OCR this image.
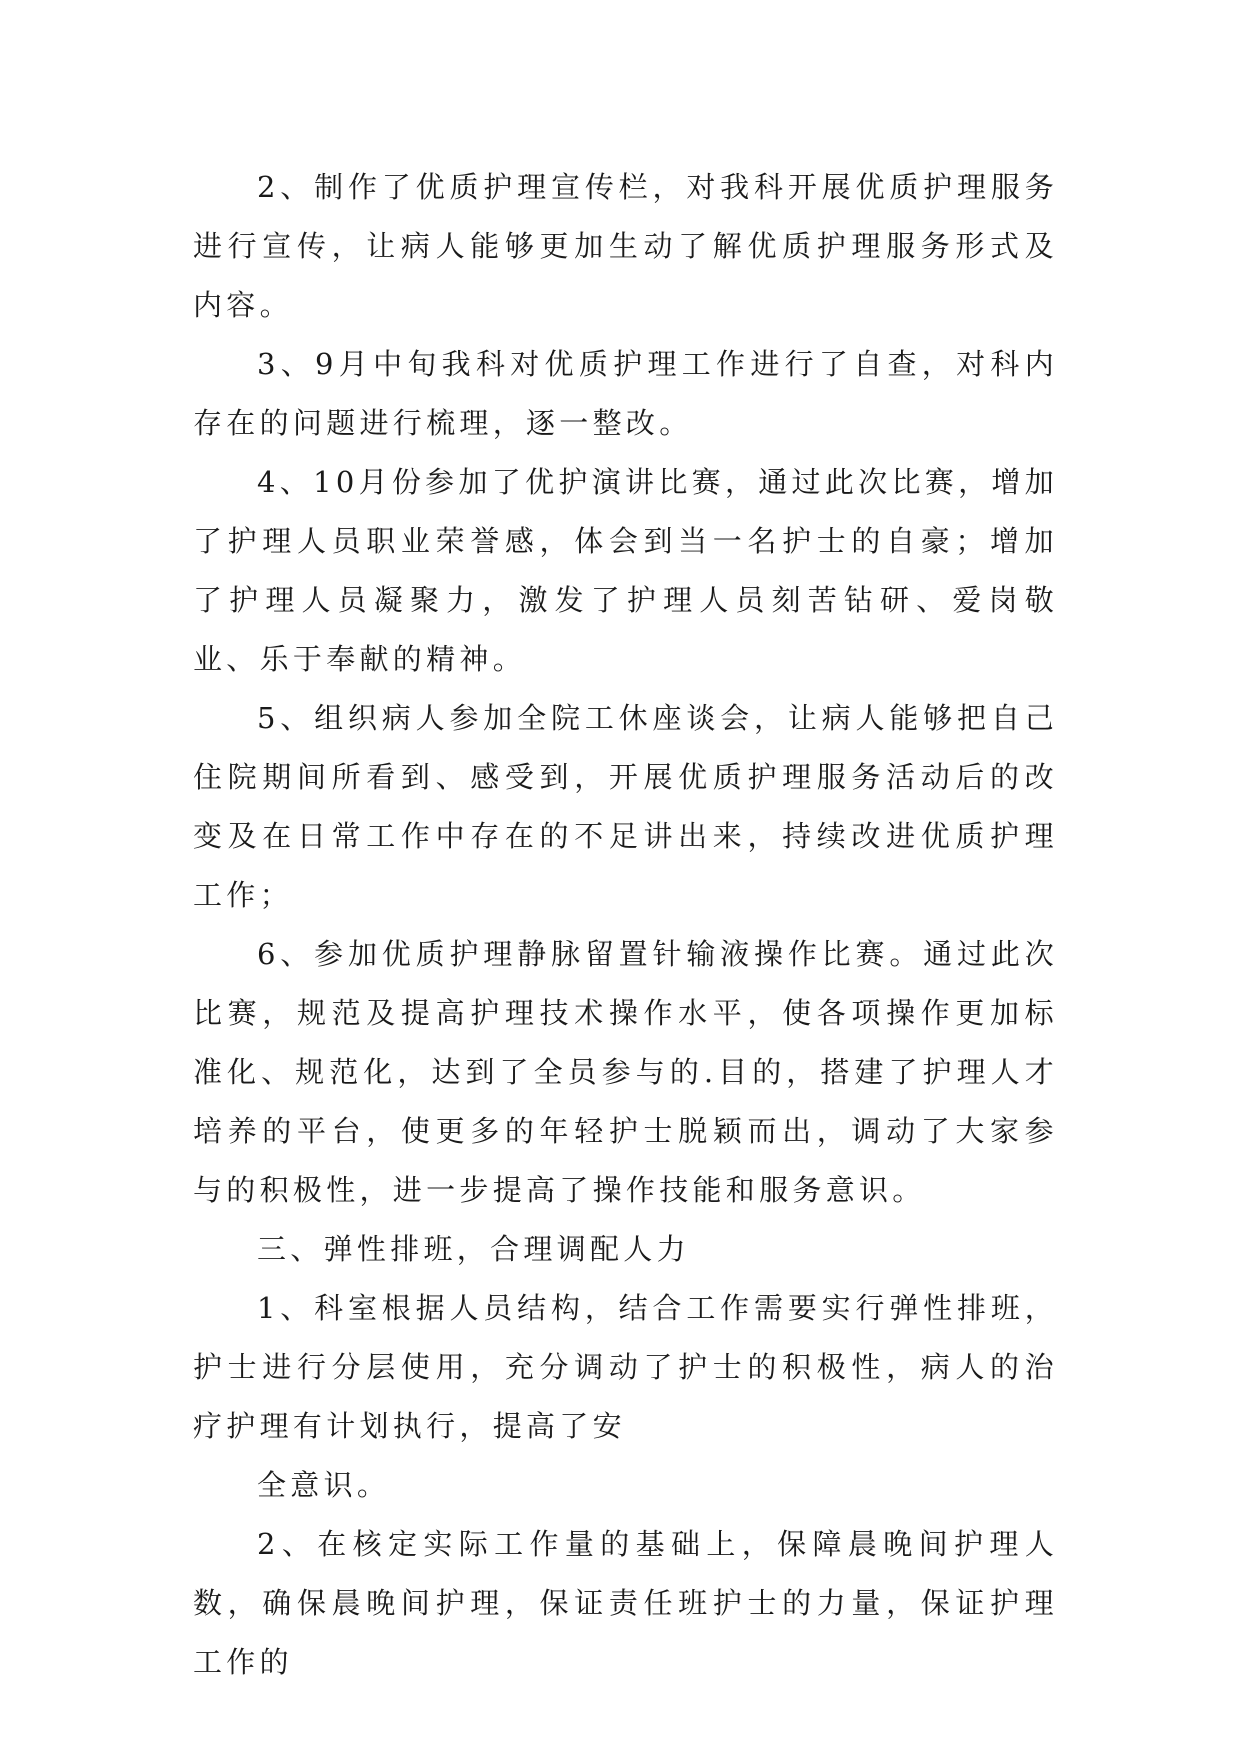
2、制作了优质护理宣传栏，对我科开展优质护理服务进行宣传，让病人能够更加生动了解优质护理服务形式及内容。

3、9月中旬我科对优质护理工作进行了自查，对科内存在的问题进行梳理，逐一整改。

4、10月份参加了优护演讲比赛，通过此次比赛，增加了护理人员职业荣誉感，体会到当一名护士的自豪；增加了护理人员凝聚力，激发了护理人员刻苦钻研、爱岗敬业、乐于奉献的精神。

5、组织病人参加全院工休座谈会，让病人能够把自己住院期间所看到、感受到，开展优质护理服务活动后的改变及在日常工作中存在的不足讲出来，持续改进优质护理工作；

6、参加优质护理静脉留置针输液操作比赛。通过此次比赛，规范及提高护理技术操作水平，使各项操作更加标准化、规范化，达到了全员参与的.目的，搭建了护理人才培养的平台，使更多的年轻护士脱颖而出，调动了大家参与的积极性，进一步提高了操作技能和服务意识。

三、弹性排班，合理调配人力

1、科室根据人员结构，结合工作需要实行弹性排班，护士进行分层使用，充分调动了护士的积极性，病人的治疗护理有计划执行，提高了安

全意识。

2、在核定实际工作量的基础上，保障晨晚间护理人数，确保晨晚间护理，保证责任班护士的力量，保证护理工作的
